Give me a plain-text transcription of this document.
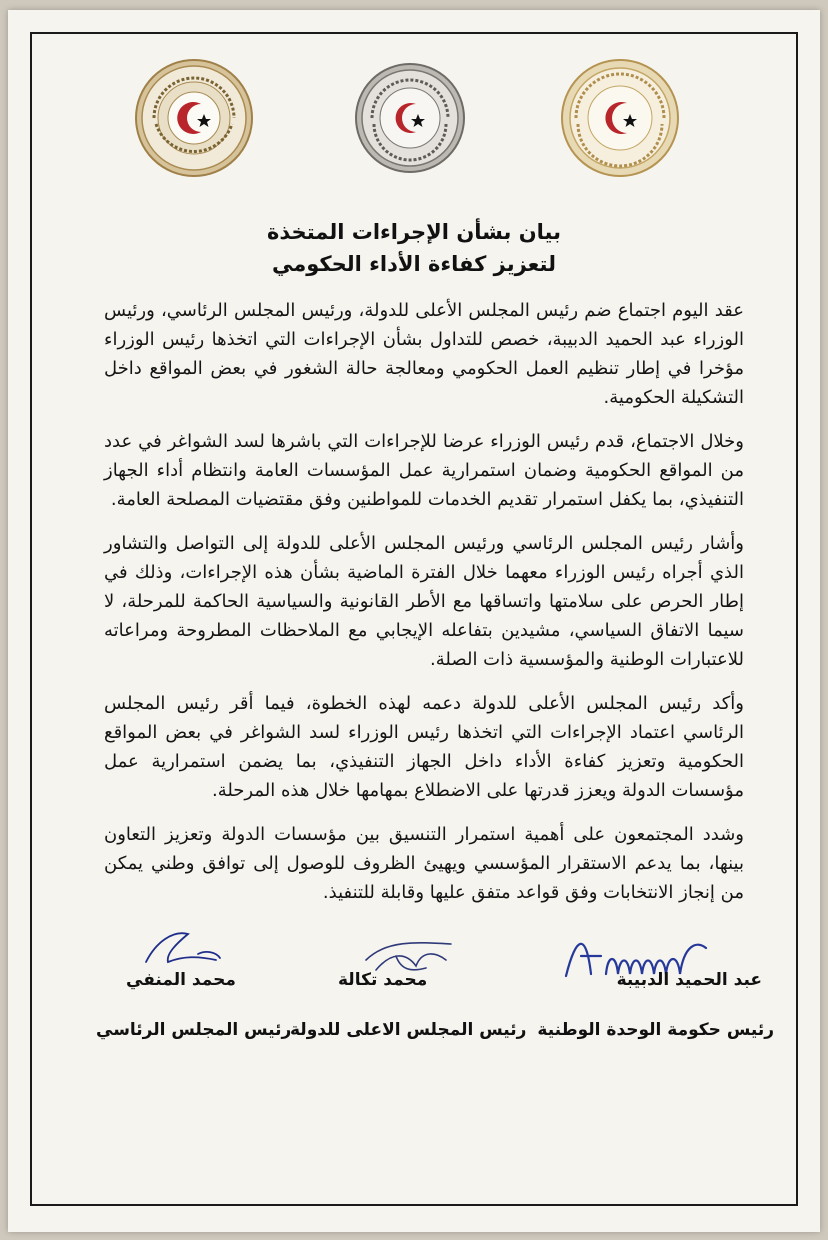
بيان بشأن الإجراءات المتخذة
لتعزيز كفاءة الأداء الحكومي

عقد اليوم اجتماع ضم رئيس المجلس الأعلى للدولة، ورئيس المجلس الرئاسي، ورئيس الوزراء عبد الحميد الدبيبة، خصص للتداول بشأن الإجراءات التي اتخذها رئيس الوزراء مؤخرا في إطار تنظيم العمل الحكومي ومعالجة حالة الشغور في بعض المواقع داخل التشكيلة الحكومية.

وخلال الاجتماع، قدم رئيس الوزراء عرضا للإجراءات التي باشرها لسد الشواغر في عدد من المواقع الحكومية وضمان استمرارية عمل المؤسسات العامة وانتظام أداء الجهاز التنفيذي، بما يكفل استمرار تقديم الخدمات للمواطنين وفق مقتضيات المصلحة العامة.

وأشار رئيس المجلس الرئاسي ورئيس المجلس الأعلى للدولة إلى التواصل والتشاور الذي أجراه رئيس الوزراء معهما خلال الفترة الماضية بشأن هذه الإجراءات، وذلك في إطار الحرص على سلامتها واتساقها مع الأطر القانونية والسياسية الحاكمة للمرحلة، لا سيما الاتفاق السياسي، مشيدين بتفاعله الإيجابي مع الملاحظات المطروحة ومراعاته للاعتبارات الوطنية والمؤسسية ذات الصلة.

وأكد رئيس المجلس الأعلى للدولة دعمه لهذه الخطوة، فيما أقر رئيس المجلس الرئاسي اعتماد الإجراءات التي اتخذها رئيس الوزراء لسد الشواغر في بعض المواقع الحكومية وتعزيز كفاءة الأداء داخل الجهاز التنفيذي، بما يضمن استمرارية عمل مؤسسات الدولة ويعزز قدرتها على الاضطلاع بمهامها خلال هذه المرحلة.

وشدد المجتمعون على أهمية استمرار التنسيق بين مؤسسات الدولة وتعزيز التعاون بينها، بما يدعم الاستقرار المؤسسي ويهيئ الظروف للوصول إلى توافق وطني يمكن من إنجاز الانتخابات وفق قواعد متفق عليها وقابلة للتنفيذ.

عبد الحميد الدبيبة
محمد تكالة
محمد المنفي
رئيس حكومة الوحدة الوطنية
رئيس المجلس الاعلى للدولة
رئيس المجلس الرئاسي
